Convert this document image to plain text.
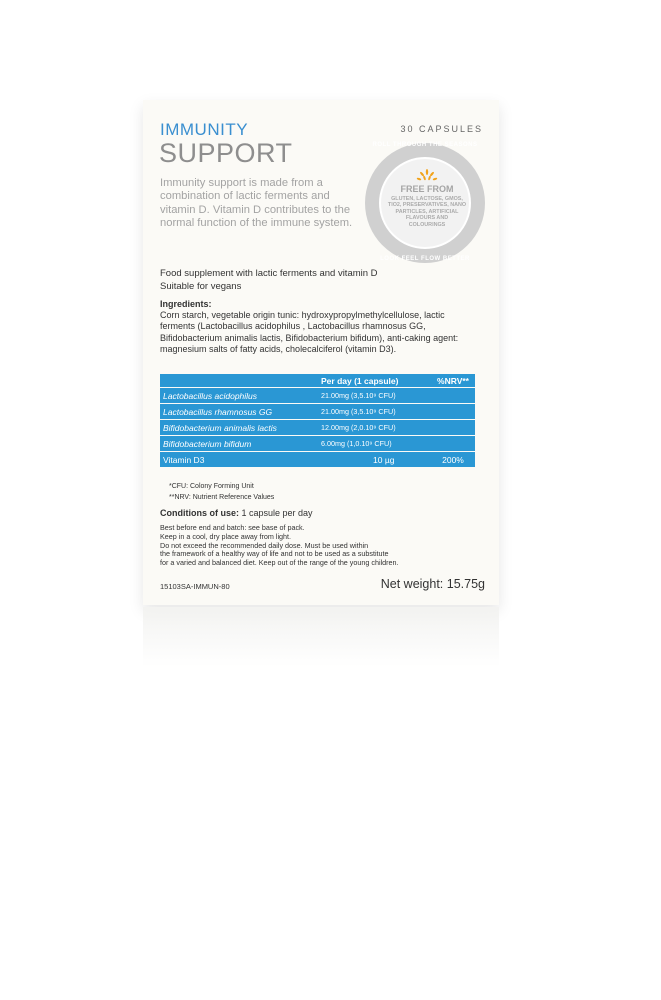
IMMUNITY
SUPPORT
30 CAPSULES
Immunity support is made from a combination of lactic ferments and vitamin D. Vitamin D contributes to the normal function of the immune system.
ROLL THROUGH THE SEASONS
FREE FROM
GLUTEN, LACTOSE, GMOS, TIO2, PRESERVATIVES, NANO PARTICLES, ARTIFICIAL FLAVOURS AND COLOURINGS
LOOK FEEL FLOW BETTER
Food supplement with lactic ferments and vitamin D
Suitable for vegans
Ingredients:
Corn starch, vegetable origin tunic: hydroxypropylmethylcellulose, lactic ferments (Lactobacillus acidophilus , Lactobacillus rhamnosus GG, Bifidobacterium animalis lactis, Bifidobacterium bifidum), anti-caking agent: magnesium salts of fatty acids, cholecalciferol (vitamin D3).
	Per day (1 capsule)	%NRV**
Lactobacillus acidophilus	21.00mg (3,5.10⁹ CFU)	
Lactobacillus rhamnosus GG	21.00mg (3,5.10⁹ CFU)	
Bifidobacterium animalis lactis	12.00mg (2,0.10⁹ CFU)	
Bifidobacterium bifidum	6.00mg (1,0.10⁹ CFU)	
Vitamin D3	10 µg	200%
*CFU: Colony Forming Unit
**NRV: Nutrient Reference Values
Conditions of use: 1 capsule per day
Best before end and batch: see base of pack.
Keep in a cool, dry place away from light.
Do not exceed the recommended daily dose. Must be used within
the framework of a healthy way of life and not to be used as a substitute
for a varied and balanced diet. Keep out of the range of the young children.
15103SA-IMMUN-80	Net weight: 15.75g
